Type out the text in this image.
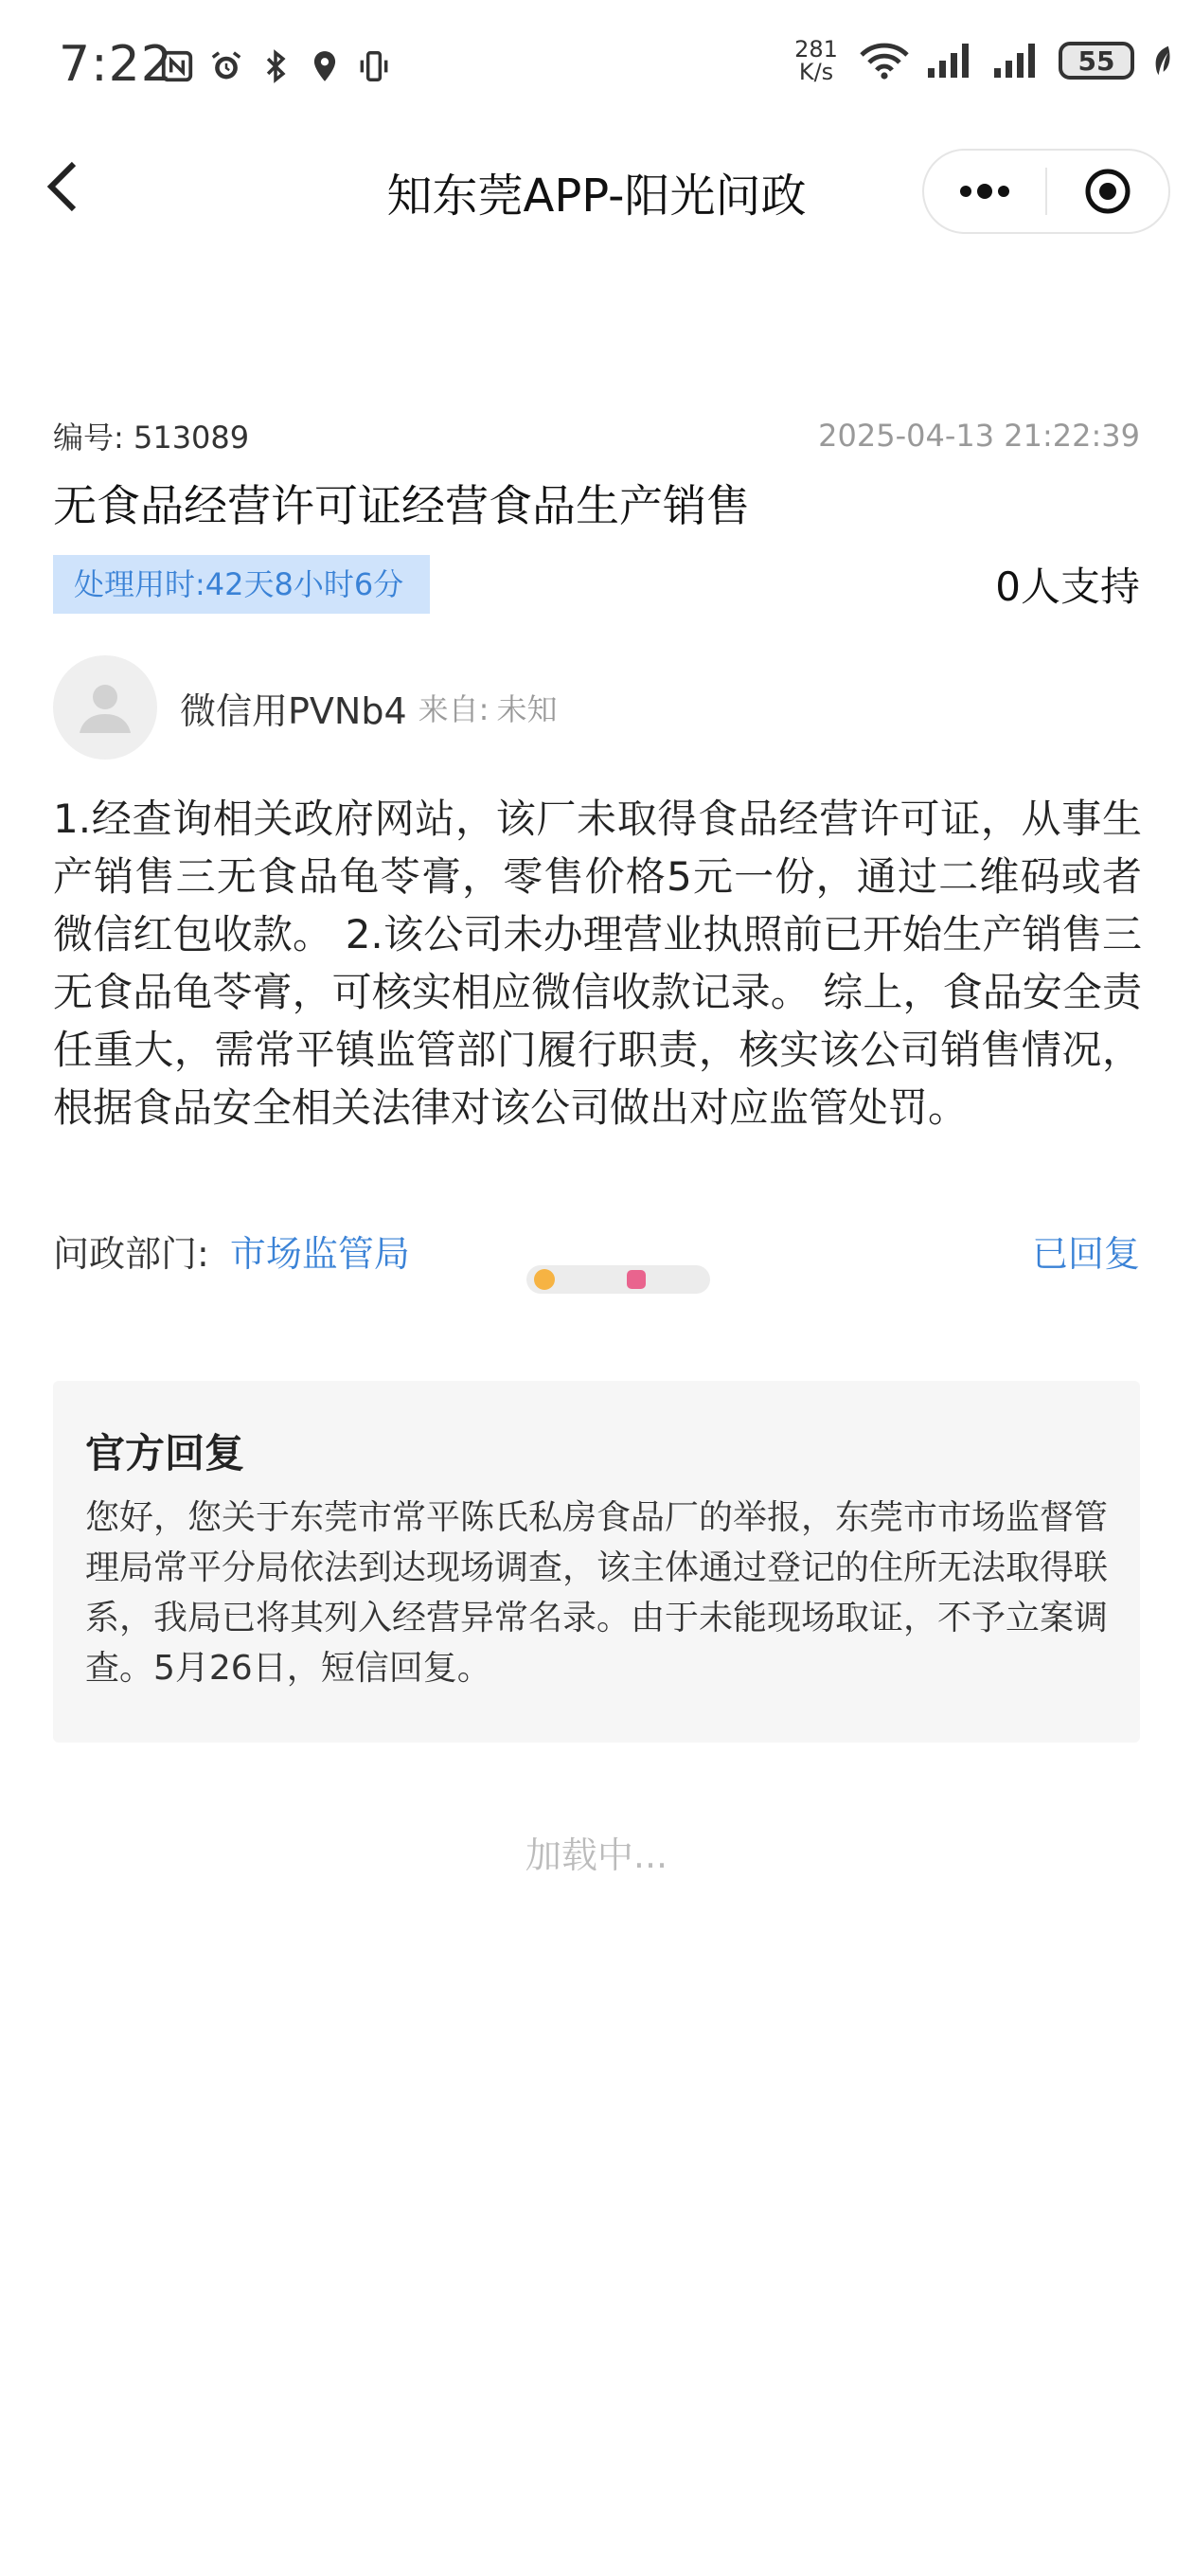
7:22	281
K/s	55
知东莞APP-阳光问政
编号: 513089	2025-04-13 21:22:39
无食品经营许可证经营食品生产销售
处理用时:42天8小时6分	0人支持
微信用PVNb4 来自: 未知
1.经查询相关政府网站，该厂未取得食品经营许可证，从事生产销售三无食品龟苓膏，零售价格5元一份，通过二维码或者微信红包收款。 2.该公司未办理营业执照前已开始生产销售三无食品龟苓膏，可核实相应微信收款记录。 综上，食品安全责任重大，需常平镇监管部门履行职责，核实该公司销售情况，根据食品安全相关法律对该公司做出对应监管处罚。
问政部门: 市场监管局	已回复
官方回复
您好，您关于东莞市常平陈氏私房食品厂的举报，东莞市市场监督管理局常平分局依法到达现场调查，该主体通过登记的住所无法取得联系，我局已将其列入经营异常名录。由于未能现场取证，不予立案调查。5月26日，短信回复。
加载中...
